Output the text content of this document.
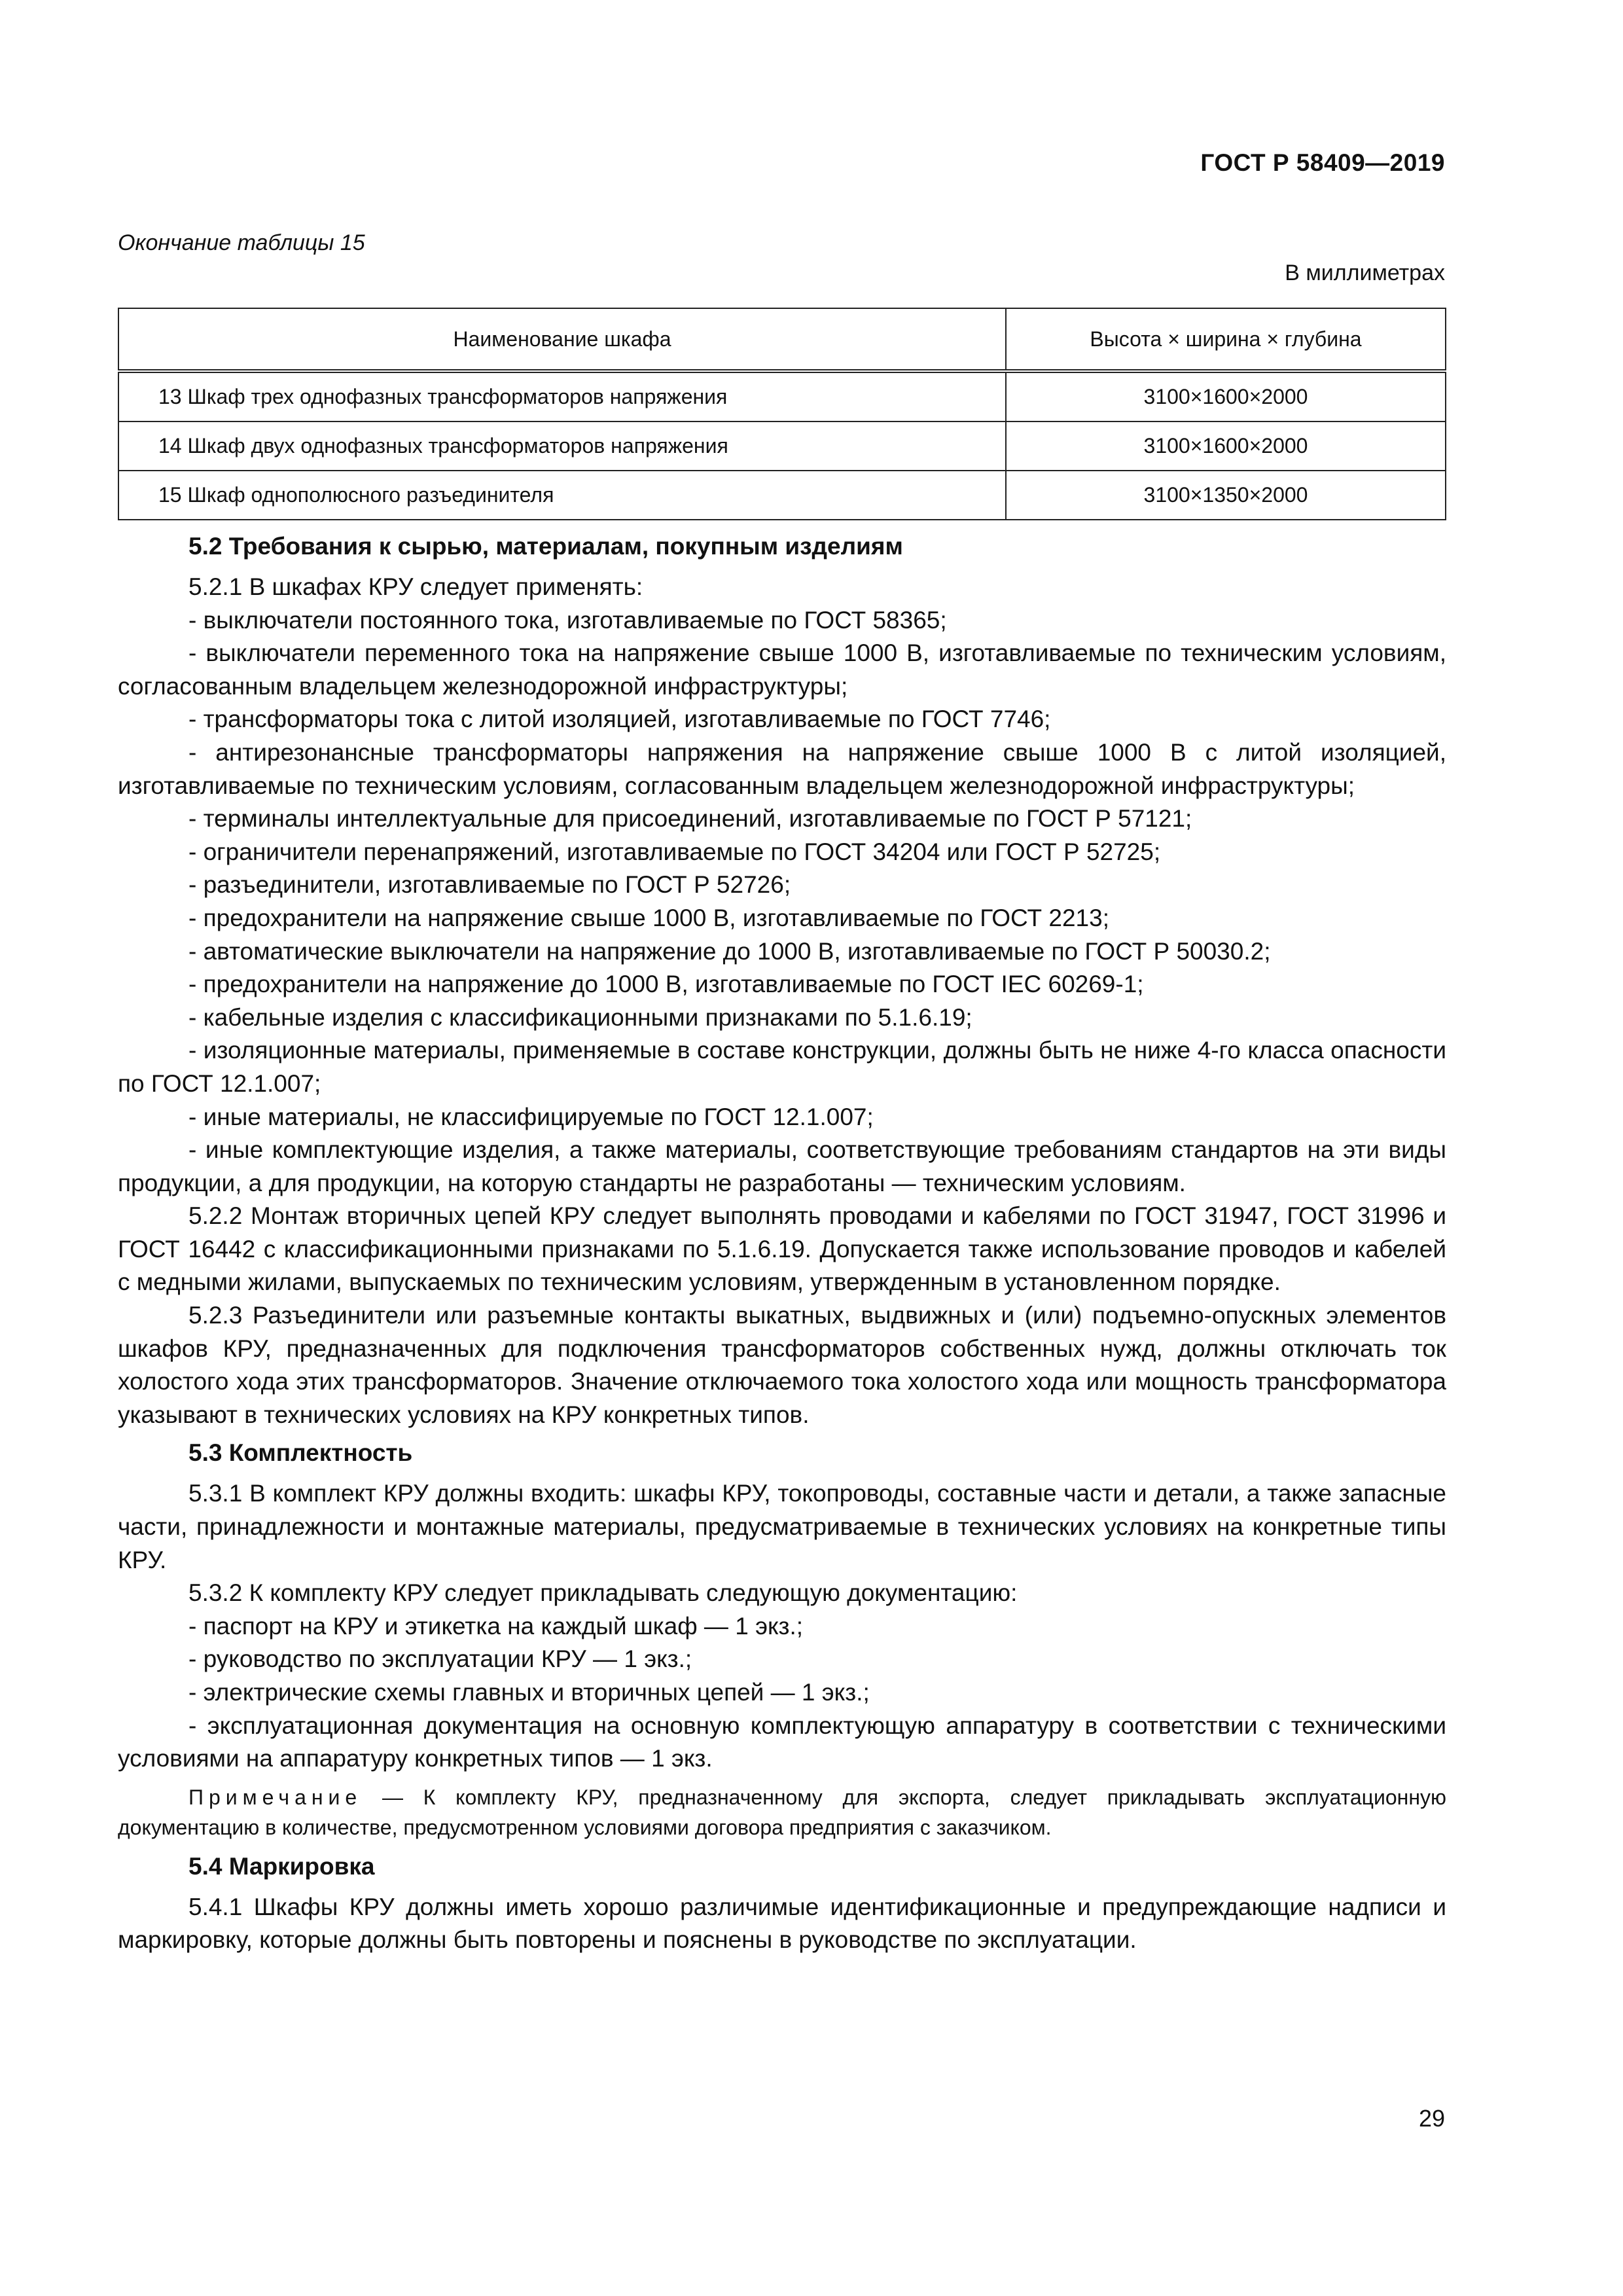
ГОСТ Р 58409—2019
Окончание таблицы 15
В миллиметрах
Наименование шкафа	Высота × ширина × глубина
13 Шкаф трех однофазных трансформаторов напряжения	3100×1600×2000
14 Шкаф двух однофазных трансформаторов напряжения	3100×1600×2000
15 Шкаф однополюсного разъединителя	3100×1350×2000
5.2 Требования к сырью, материалам, покупным изделиям

5.2.1 В шкафах КРУ следует применять:

- выключатели постоянного тока, изготавливаемые по ГОСТ 58365;

- выключатели переменного тока на напряжение свыше 1000 В, изготавливаемые по техническим условиям, согласованным владельцем железнодорожной инфраструктуры;

- трансформаторы тока с литой изоляцией, изготавливаемые по ГОСТ 7746;

- антирезонансные трансформаторы напряжения на напряжение свыше 1000 В с литой изоляцией, изготавливаемые по техническим условиям, согласованным владельцем железнодорожной инфраструктуры;

- терминалы интеллектуальные для присоединений, изготавливаемые по ГОСТ Р 57121;

- ограничители перенапряжений, изготавливаемые по ГОСТ 34204 или ГОСТ Р 52725;

- разъединители, изготавливаемые по ГОСТ Р 52726;

- предохранители на напряжение свыше 1000 В, изготавливаемые по ГОСТ 2213;

- автоматические выключатели на напряжение до 1000 В, изготавливаемые по ГОСТ Р 50030.2;

- предохранители на напряжение до 1000 В, изготавливаемые по ГОСТ IEC 60269-1;

- кабельные изделия с классификационными признаками по 5.1.6.19;

- изоляционные материалы, применяемые в составе конструкции, должны быть не ниже 4-го класса опасности по ГОСТ 12.1.007;

- иные материалы, не классифицируемые по ГОСТ 12.1.007;

- иные комплектующие изделия, а также материалы, соответствующие требованиям стандартов на эти виды продукции, а для продукции, на которую стандарты не разработаны — техническим условиям.

5.2.2 Монтаж вторичных цепей КРУ следует выполнять проводами и кабелями по ГОСТ 31947, ГОСТ 31996 и ГОСТ 16442 с классификационными признаками по 5.1.6.19. Допускается также использование проводов и кабелей с медными жилами, выпускаемых по техническим условиям, утвержденным в установленном порядке.

5.2.3 Разъединители или разъемные контакты выкатных, выдвижных и (или) подъемно-опускных элементов шкафов КРУ, предназначенных для подключения трансформаторов собственных нужд, должны отключать ток холостого хода этих трансформаторов. Значение отключаемого тока холостого хода или мощность трансформатора указывают в технических условиях на КРУ конкретных типов.

5.3 Комплектность

5.3.1 В комплект КРУ должны входить: шкафы КРУ, токопроводы, составные части и детали, а также запасные части, принадлежности и монтажные материалы, предусматриваемые в технических условиях на конкретные типы КРУ.

5.3.2 К комплекту КРУ следует прикладывать следующую документацию:

- паспорт на КРУ и этикетка на каждый шкаф — 1 экз.;

- руководство по эксплуатации КРУ — 1 экз.;

- электрические схемы главных и вторичных цепей — 1 экз.;

- эксплуатационная документация на основную комплектующую аппаратуру в соответствии с техническими условиями на аппаратуру конкретных типов — 1 экз.

Примечание — К комплекту КРУ, предназначенному для экспорта, следует прикладывать эксплуатационную документацию в количестве, предусмотренном условиями договора предприятия с заказчиком.

5.4 Маркировка

5.4.1 Шкафы КРУ должны иметь хорошо различимые идентификационные и предупреждающие надписи и маркировку, которые должны быть повторены и пояснены в руководстве по эксплуатации.

29
